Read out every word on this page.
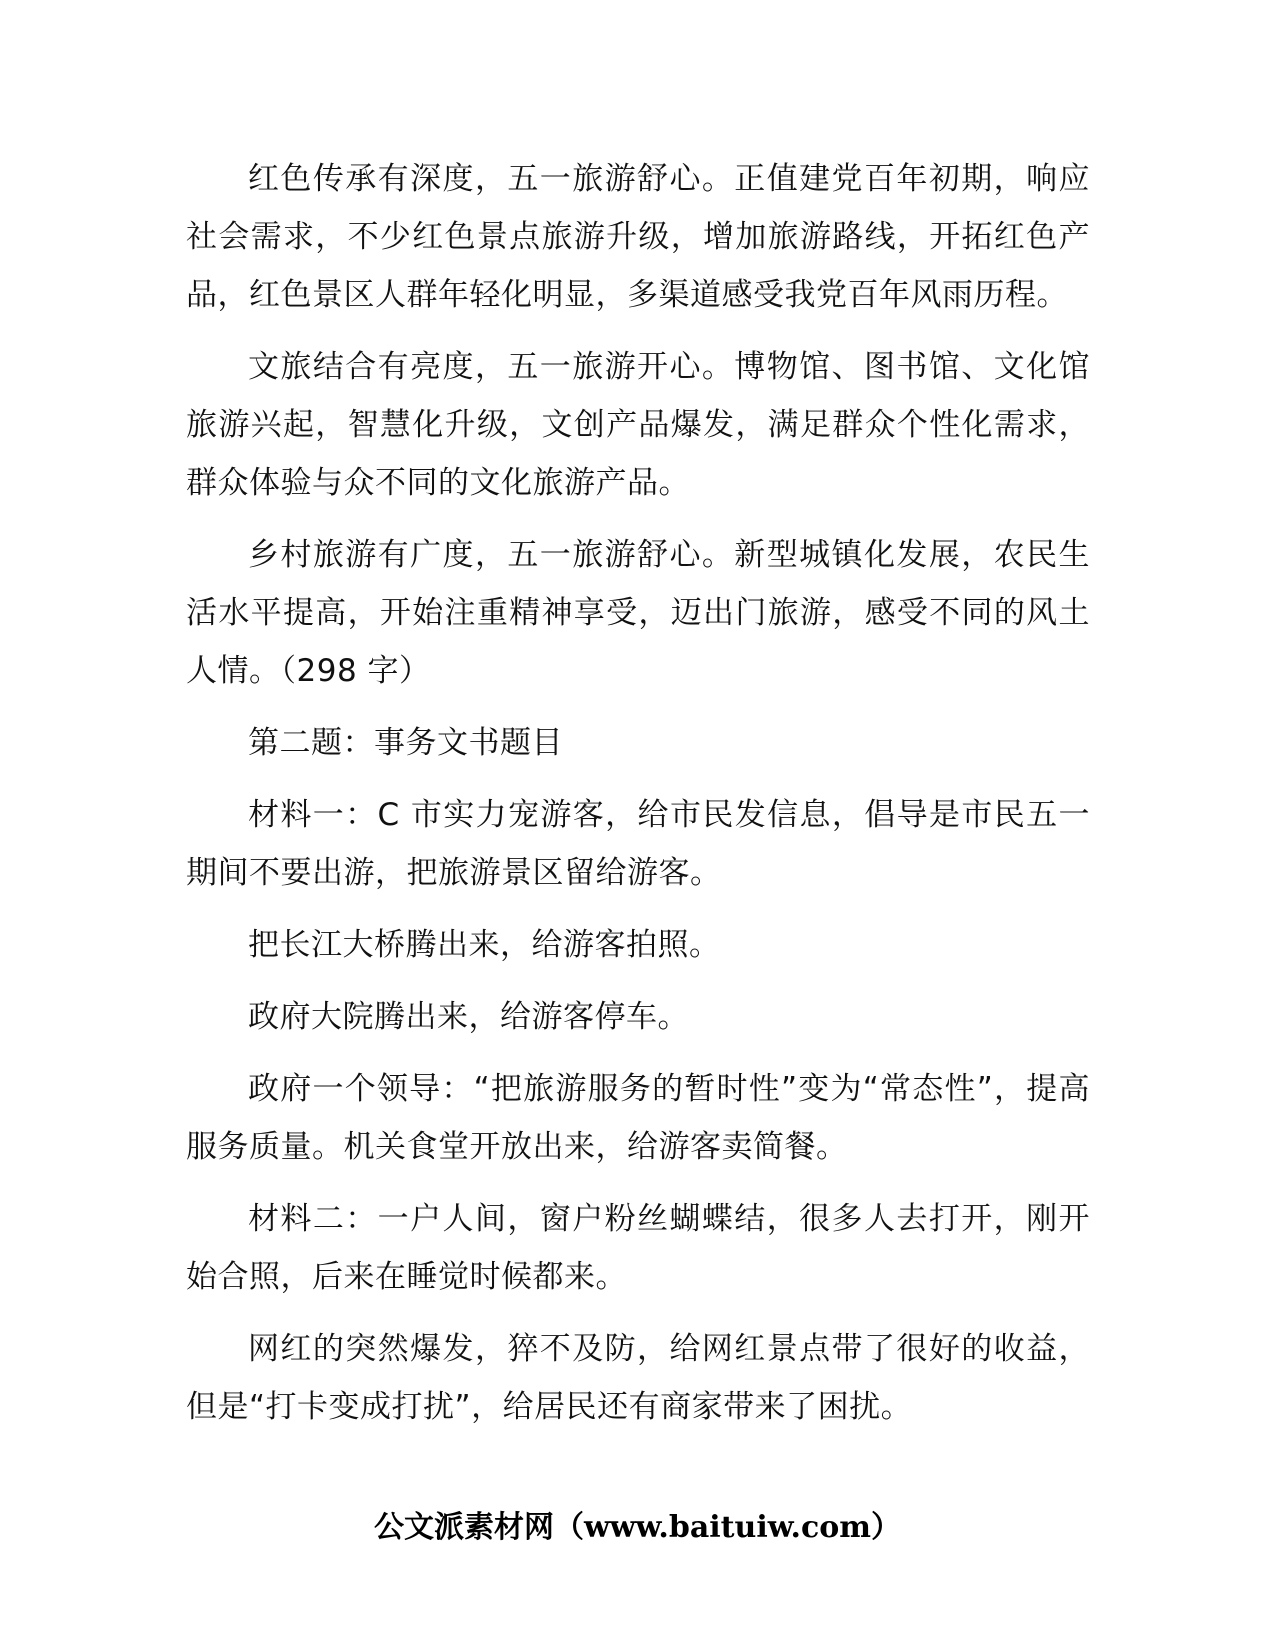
红色传承有深度，五一旅游舒心。正值建党百年初期，响应社会需求，不少红色景点旅游升级，增加旅游路线，开拓红色产品，红色景区人群年轻化明显，多渠道感受我党百年风雨历程。

文旅结合有亮度，五一旅游开心。博物馆、图书馆、文化馆旅游兴起，智慧化升级，文创产品爆发，满足群众个性化需求，群众体验与众不同的文化旅游产品。

乡村旅游有广度，五一旅游舒心。新型城镇化发展，农民生活水平提高，开始注重精神享受，迈出门旅游，感受不同的风土人情。（298 字）

第二题：事务文书题目

材料一：C 市实力宠游客，给市民发信息，倡导是市民五一期间不要出游，把旅游景区留给游客。

把长江大桥腾出来，给游客拍照。

政府大院腾出来，给游客停车。

政府一个领导：“把旅游服务的暂时性”变为“常态性”，提高服务质量。机关食堂开放出来，给游客卖简餐。

材料二：一户人间，窗户粉丝蝴蝶结，很多人去打开，刚开始合照，后来在睡觉时候都来。

网红的突然爆发，猝不及防，给网红景点带了很好的收益，但是“打卡变成打扰”，给居民还有商家带来了困扰。

公文派素材网（www.baituiw.com）
